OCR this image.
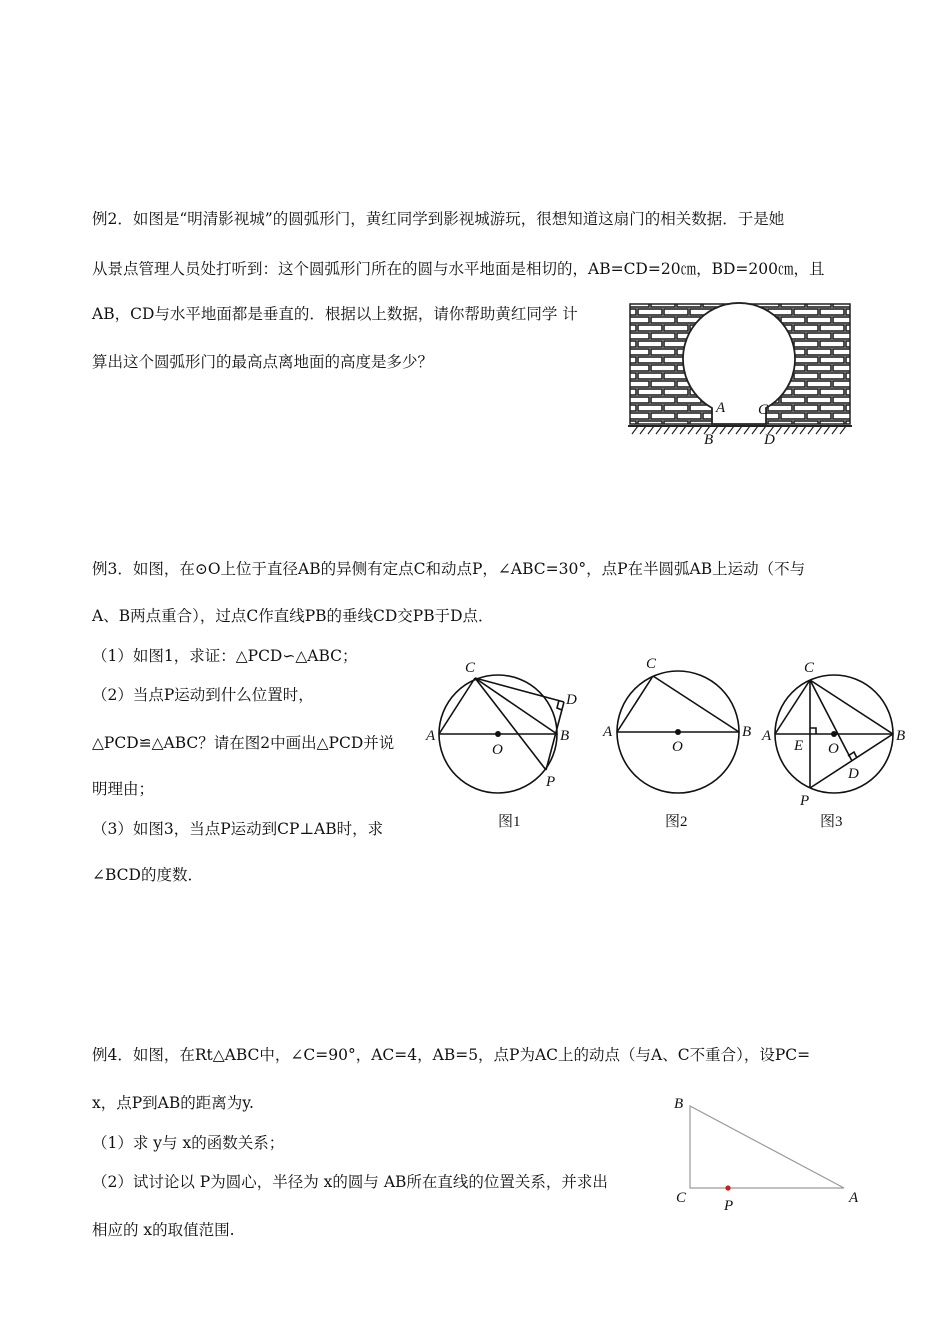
例2．如图是“明清影视城”的圆弧形门，黄红同学到影视城游玩，很想知道这扇门的相关数据．于是她
从景点管理人员处打听到：这个圆弧形门所在的圆与水平地面是相切的，AB=CD=20㎝，BD=200㎝，且
AB，CD与水平地面都是垂直的．根据以上数据，请你帮助黄红同学 计
算出这个圆弧形门的最高点离地面的高度是多少？
A
B
C
D
例3．如图，在⊙O上位于直径AB的异侧有定点C和动点P，∠ABC=30°，点P在半圆弧AB上运动（不与
A、B两点重合），过点C作直线PB的垂线CD交PB于D点．
（1）如图1，求证：△PCD∽△ABC；
（2）当点P运动到什么位置时，
△PCD≌△ABC？请在图2中画出△PCD并说
明理由；
（3）如图3，当点P运动到CP⊥AB时，求
∠BCD的度数．
C
D
A
O
B
P
图1
C
A
O
B
图2
C
A
E O
B
D
P
图3
例4．如图，在Rt△ABC中，∠C=90°，AC=4，AB=5，点P为AC上的动点（与A、C不重合），设PC=
x，点P到AB的距离为y.
（1）求 y与 x的函数关系；
（2）试讨论以 P为圆心，半径为 x的圆与 AB所在直线的位置关系，并求出
相应的 x的取值范围.
B
C	P	A
